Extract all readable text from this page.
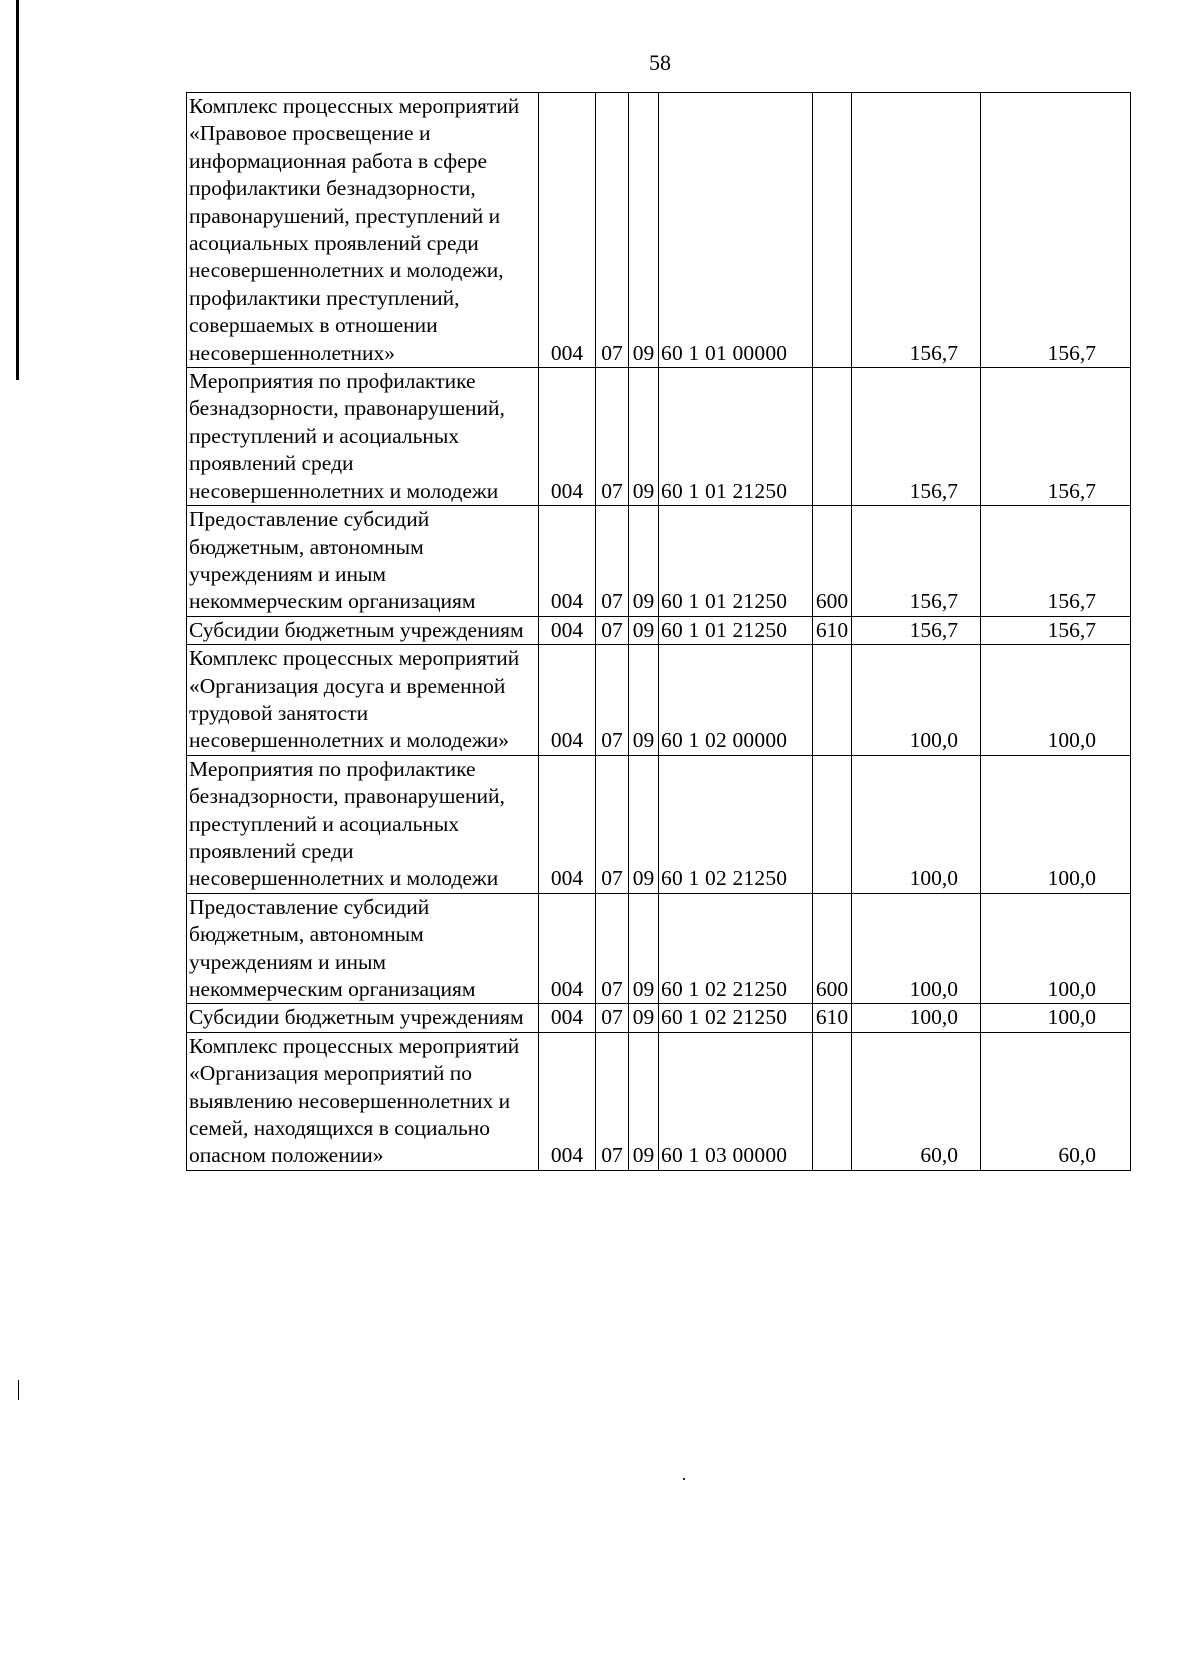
58
Комплекс процессных мероприятий «Правовое просвещение и информационная работа в сфере профилактики безнадзорности, правонарушений, преступлений и асоциальных проявлений среди несовершеннолетних и молодежи, профилактики преступлений, совершаемых в отношении несовершеннолетних»	004	07	09	60 1 01 00000		156,7	156,7
Мероприятия по профилактике безнадзорности, правонарушений, преступлений и асоциальных проявлений среди несовершеннолетних и молодежи	004	07	09	60 1 01 21250		156,7	156,7
Предоставление субсидий бюджетным, автономным учреждениям и иным некоммерческим организациям	004	07	09	60 1 01 21250	600	156,7	156,7
Субсидии бюджетным учреждениям	004	07	09	60 1 01 21250	610	156,7	156,7
Комплекс процессных мероприятий «Организация досуга и временной трудовой занятости несовершеннолетних и молодежи»	004	07	09	60 1 02 00000		100,0	100,0
Мероприятия по профилактике безнадзорности, правонарушений, преступлений и асоциальных проявлений среди несовершеннолетних и молодежи	004	07	09	60 1 02 21250		100,0	100,0
Предоставление субсидий бюджетным, автономным учреждениям и иным некоммерческим организациям	004	07	09	60 1 02 21250	600	100,0	100,0
Субсидии бюджетным учреждениям	004	07	09	60 1 02 21250	610	100,0	100,0
Комплекс процессных мероприятий «Организация мероприятий по выявлению несовершеннолетних и семей, находящихся в социально опасном положении»	004	07	09	60 1 03 00000		60,0	60,0
